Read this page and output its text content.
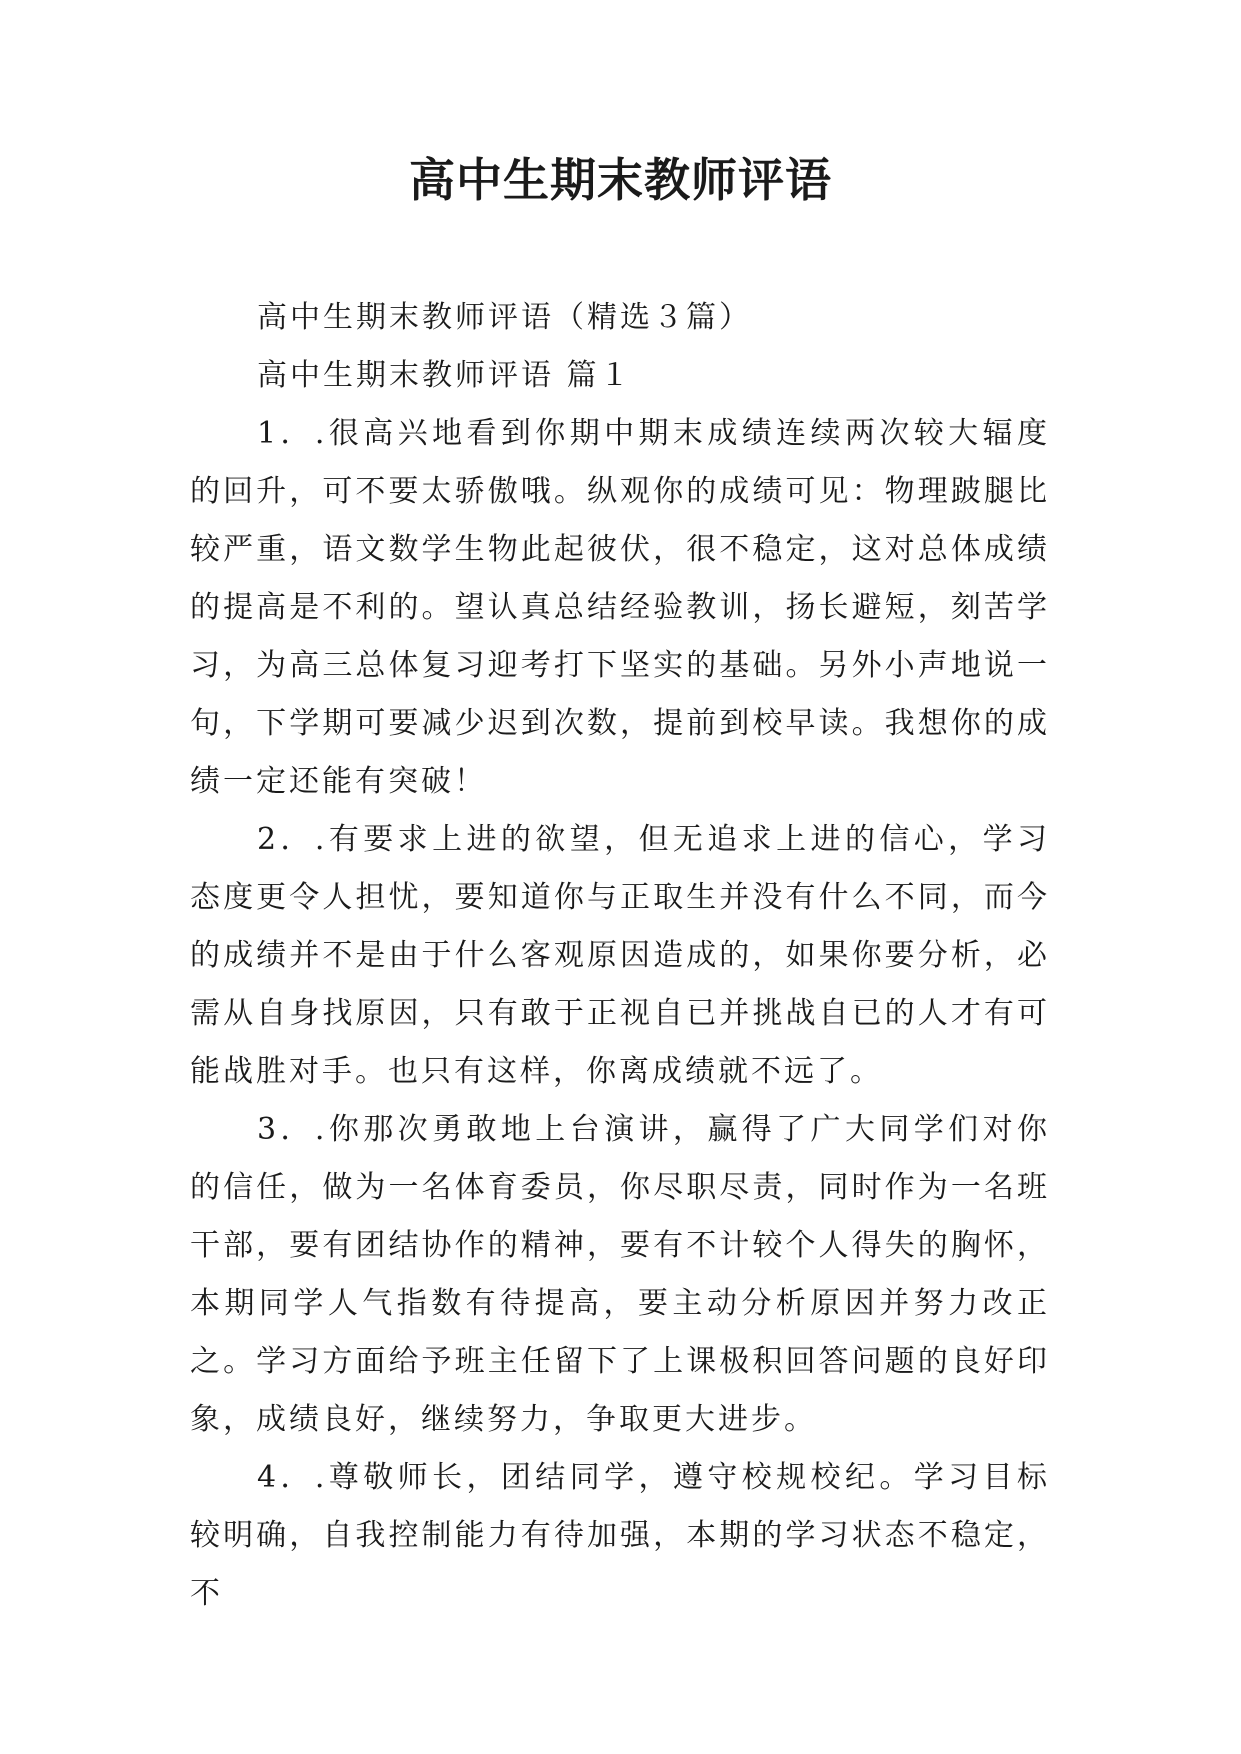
高中生期末教师评语

高中生期末教师评语（精选３篇）

高中生期末教师评语 篇１

1．.很高兴地看到你期中期末成绩连续两次较大辐度的回升，可不要太骄傲哦。纵观你的成绩可见：物理跛腿比较严重，语文数学生物此起彼伏，很不稳定，这对总体成绩的提高是不利的。望认真总结经验教训，扬长避短，刻苦学习，为高三总体复习迎考打下坚实的基础。另外小声地说一句，下学期可要减少迟到次数，提前到校早读。我想你的成绩一定还能有突破！

2．.有要求上进的欲望，但无追求上进的信心，学习态度更令人担忧，要知道你与正取生并没有什么不同，而今的成绩并不是由于什么客观原因造成的，如果你要分析，必需从自身找原因，只有敢于正视自已并挑战自已的人才有可能战胜对手。也只有这样，你离成绩就不远了。

3．.你那次勇敢地上台演讲，赢得了广大同学们对你的信任，做为一名体育委员，你尽职尽责，同时作为一名班干部，要有团结协作的精神，要有不计较个人得失的胸怀，本期同学人气指数有待提高，要主动分析原因并努力改正之。学习方面给予班主任留下了上课极积回答问题的良好印象，成绩良好，继续努力，争取更大进步。

4．.尊敬师长，团结同学，遵守校规校纪。学习目标较明确，自我控制能力有待加强，本期的学习状态不稳定，不
